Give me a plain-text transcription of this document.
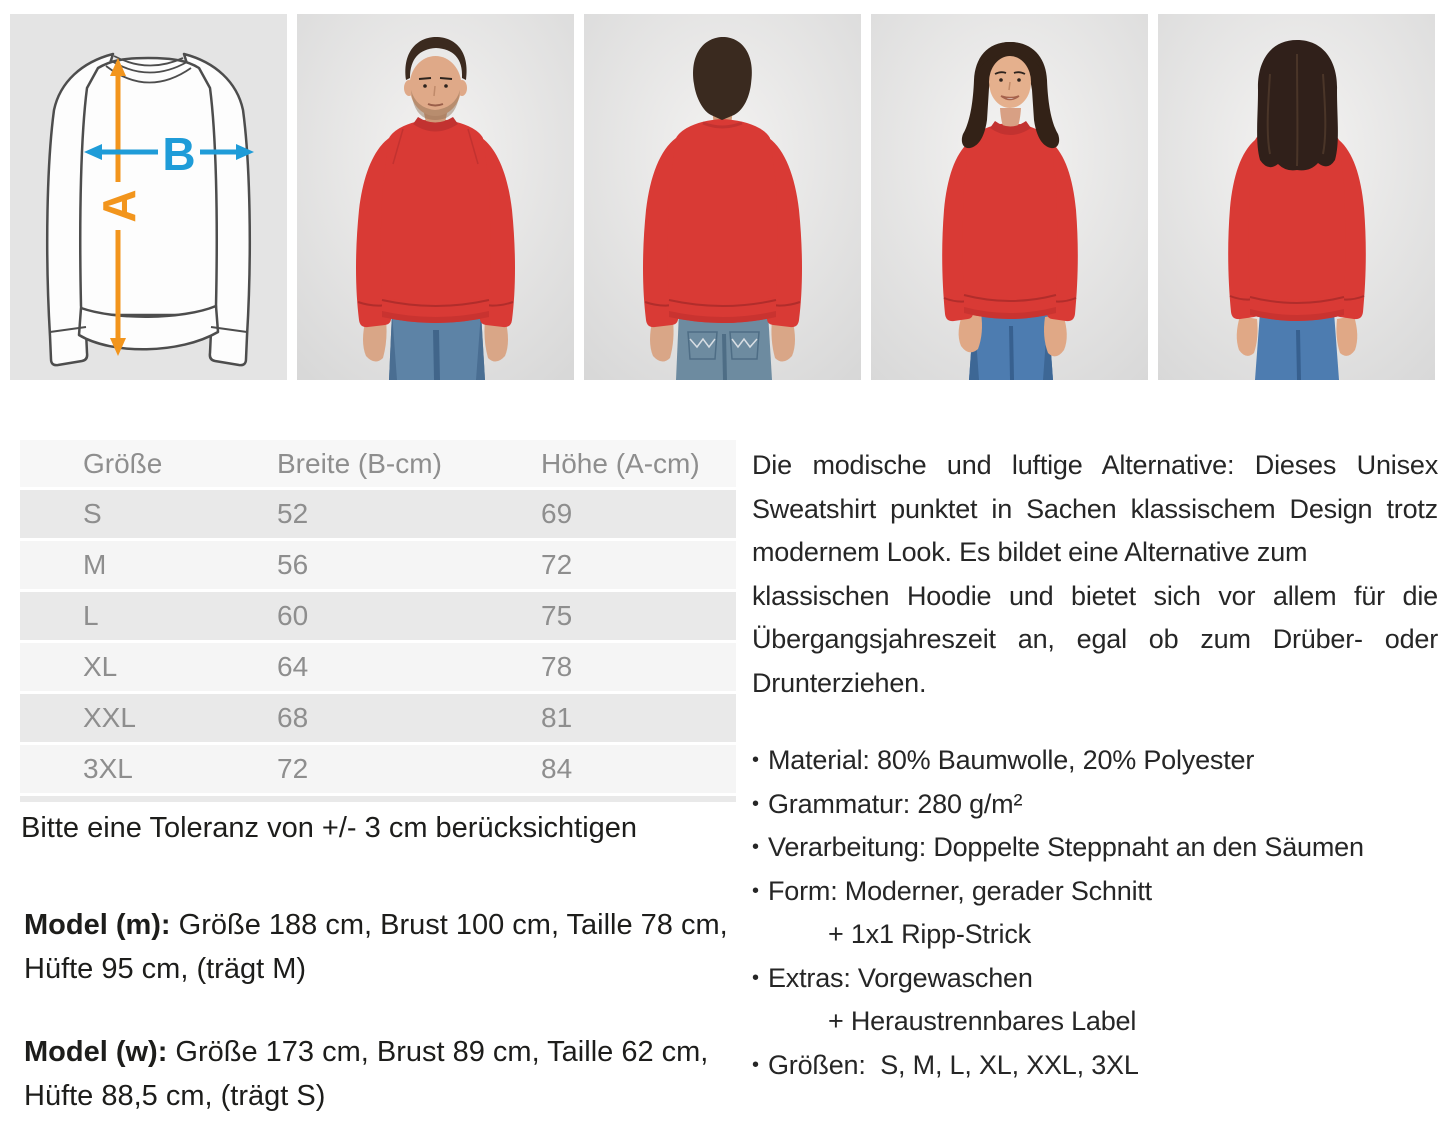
A
B
Größe	Breite (B-cm)	Höhe (A-cm)
S	52	69
M	56	72
L	60	75
XL	64	78
XXL	68	81
3XL	72	84

Bitte eine Toleranz von +/- 3 cm berücksichtigen

Model (m): Größe 188 cm, Brust 100 cm, Taille 78 cm, Hüfte 95 cm, (trägt M)

Model (w): Größe 173 cm, Brust 89 cm, Taille 62 cm, Hüfte 88,5 cm, (trägt S)

Die modische und luftige Alternative: Dieses Unisex
Sweatshirt punktet in Sachen klassischem Design trotz
modernem Look. Es bildet eine Alternative zum
klassischen Hoodie und bietet sich vor allem für die
Übergangsjahreszeit an, egal ob zum Drüber- oder
Drunterziehen.
• Material: 80% Baumwolle, 20% Polyester
• Grammatur: 280 g/m²
• Verarbeitung: Doppelte Steppnaht an den Säumen
• Form: Moderner, gerader Schnitt
+ 1x1 Ripp-Strick
• Extras: Vorgewaschen
+ Heraustrennbares Label
• Größen:  S, M, L, XL, XXL, 3XL
